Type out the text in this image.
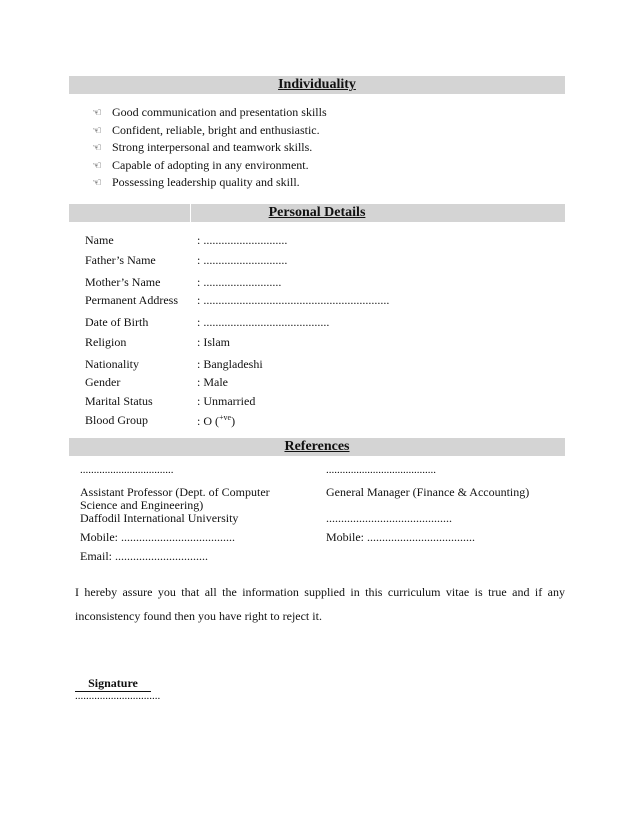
Individuality
☜ Good communication and presentation skills
☜ Confident, reliable, bright and enthusiastic.
☜ Strong interpersonal and teamwork skills.
☜ Capable of adopting in any environment.
☜ Possessing leadership quality and skill.
Personal Details
Name	: ............................
Father’s Name	: ............................
Mother’s Name	: ..........................
Permanent Address : ..............................................................
Date of Birth	: ..........................................
Religion	: Islam
Nationality	: Bangladeshi
Gender	: Male
Marital Status	: Unmarried
Blood Group	: O ($^{+ve}$)
References
..................................
Assistant Professor (Dept. of Computer
Science and Engineering)
Daffodil International University
Mobile: ......................................
Email: ...............................
........................................
General Manager (Finance & Accounting)
..........................................
Mobile: ....................................
I hereby assure you that all the information supplied in this curriculum vitae is true and if any inconsistency found then you have right to reject it.
Signature
...............................
